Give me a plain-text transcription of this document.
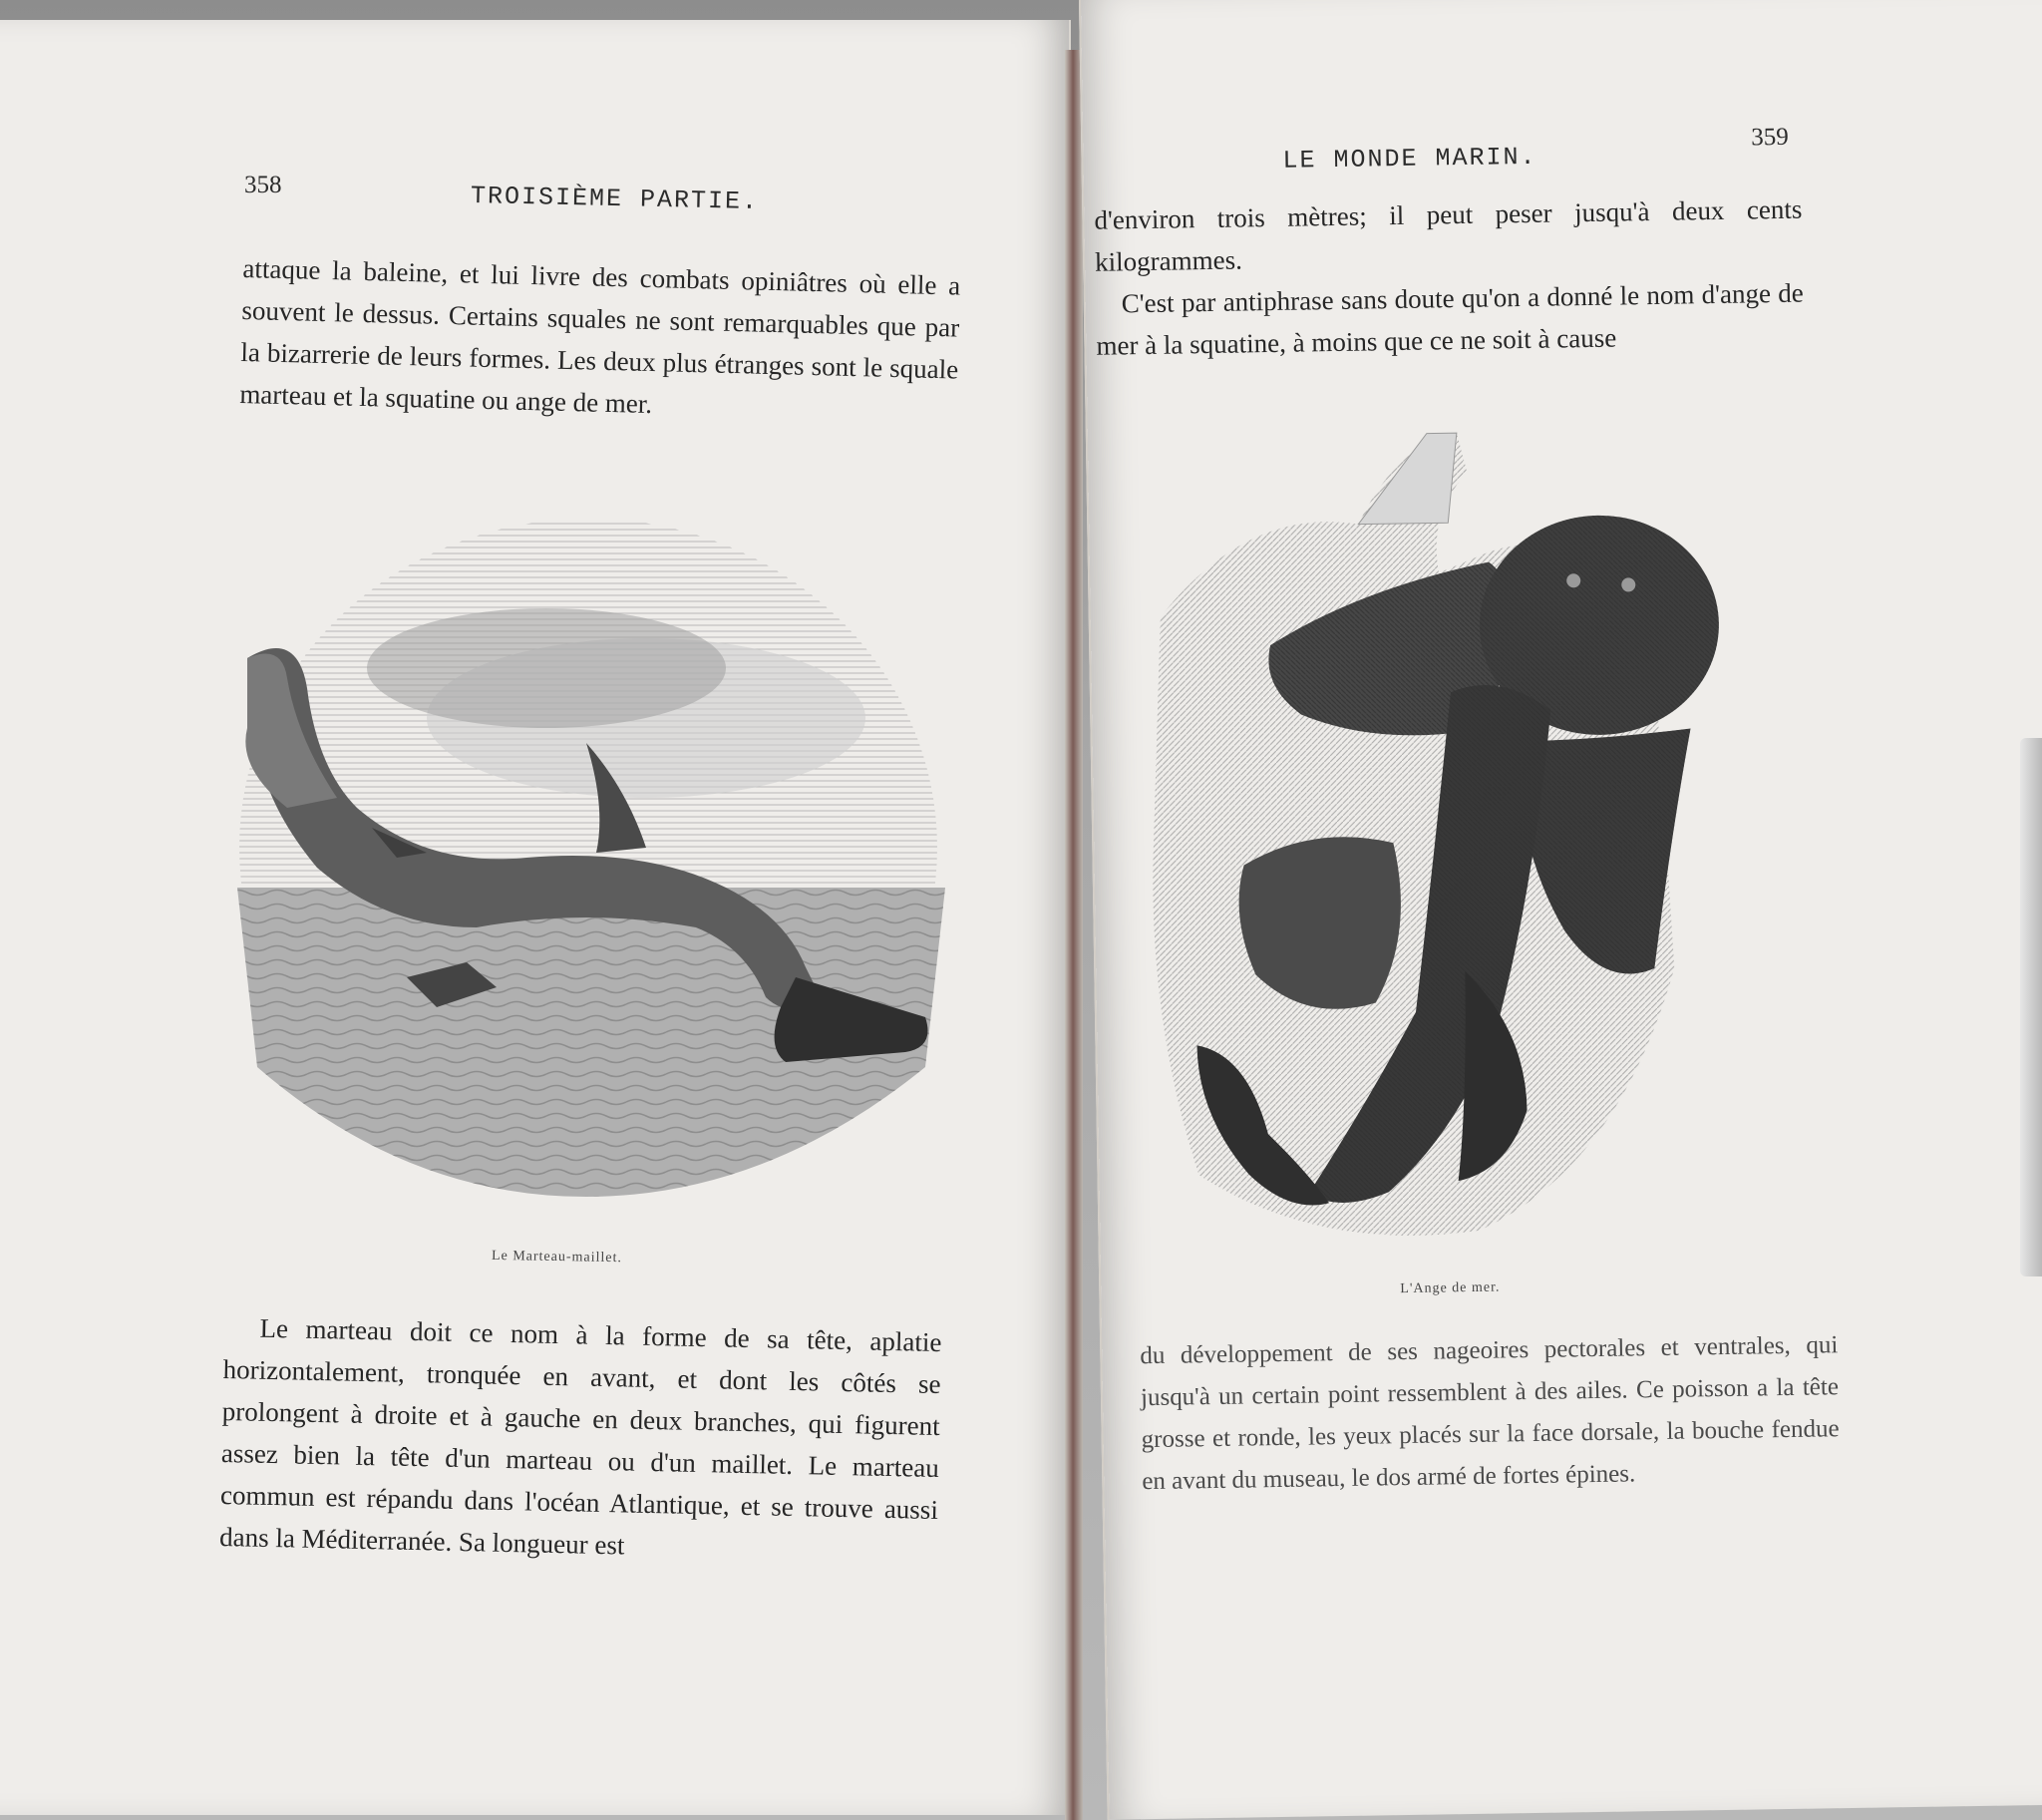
358	TROISIÈME PARTIE.

attaque la baleine, et lui livre des combats opiniâtres où elle a souvent le dessus. Certains squales ne sont remarquables que par la bizarrerie de leurs formes. Les deux plus étranges sont le squale marteau et la squatine ou ange de mer.

Le Marteau-maillet.

Le marteau doit ce nom à la forme de sa tête, aplatie horizontalement, tronquée en avant, et dont les côtés se prolongent à droite et à gauche en deux branches, qui figurent assez bien la tête d'un marteau ou d'un maillet. Le marteau commun est répandu dans l'océan Atlantique, et se trouve aussi dans la Méditerranée. Sa longueur est

LE MONDE MARIN.
359

d'environ trois mètres; il peut peser jusqu'à deux cents kilogrammes.

C'est par antiphrase sans doute qu'on a donné le nom d'ange de mer à la squatine, à moins que ce ne soit à cause

L'Ange de mer.

du développement de ses nageoires pectorales et ventrales, qui jusqu'à un certain point ressemblent à des ailes. Ce poisson a la tête grosse et ronde, les yeux placés sur la face dorsale, la bouche fendue en avant du museau, le dos armé de fortes épines.
